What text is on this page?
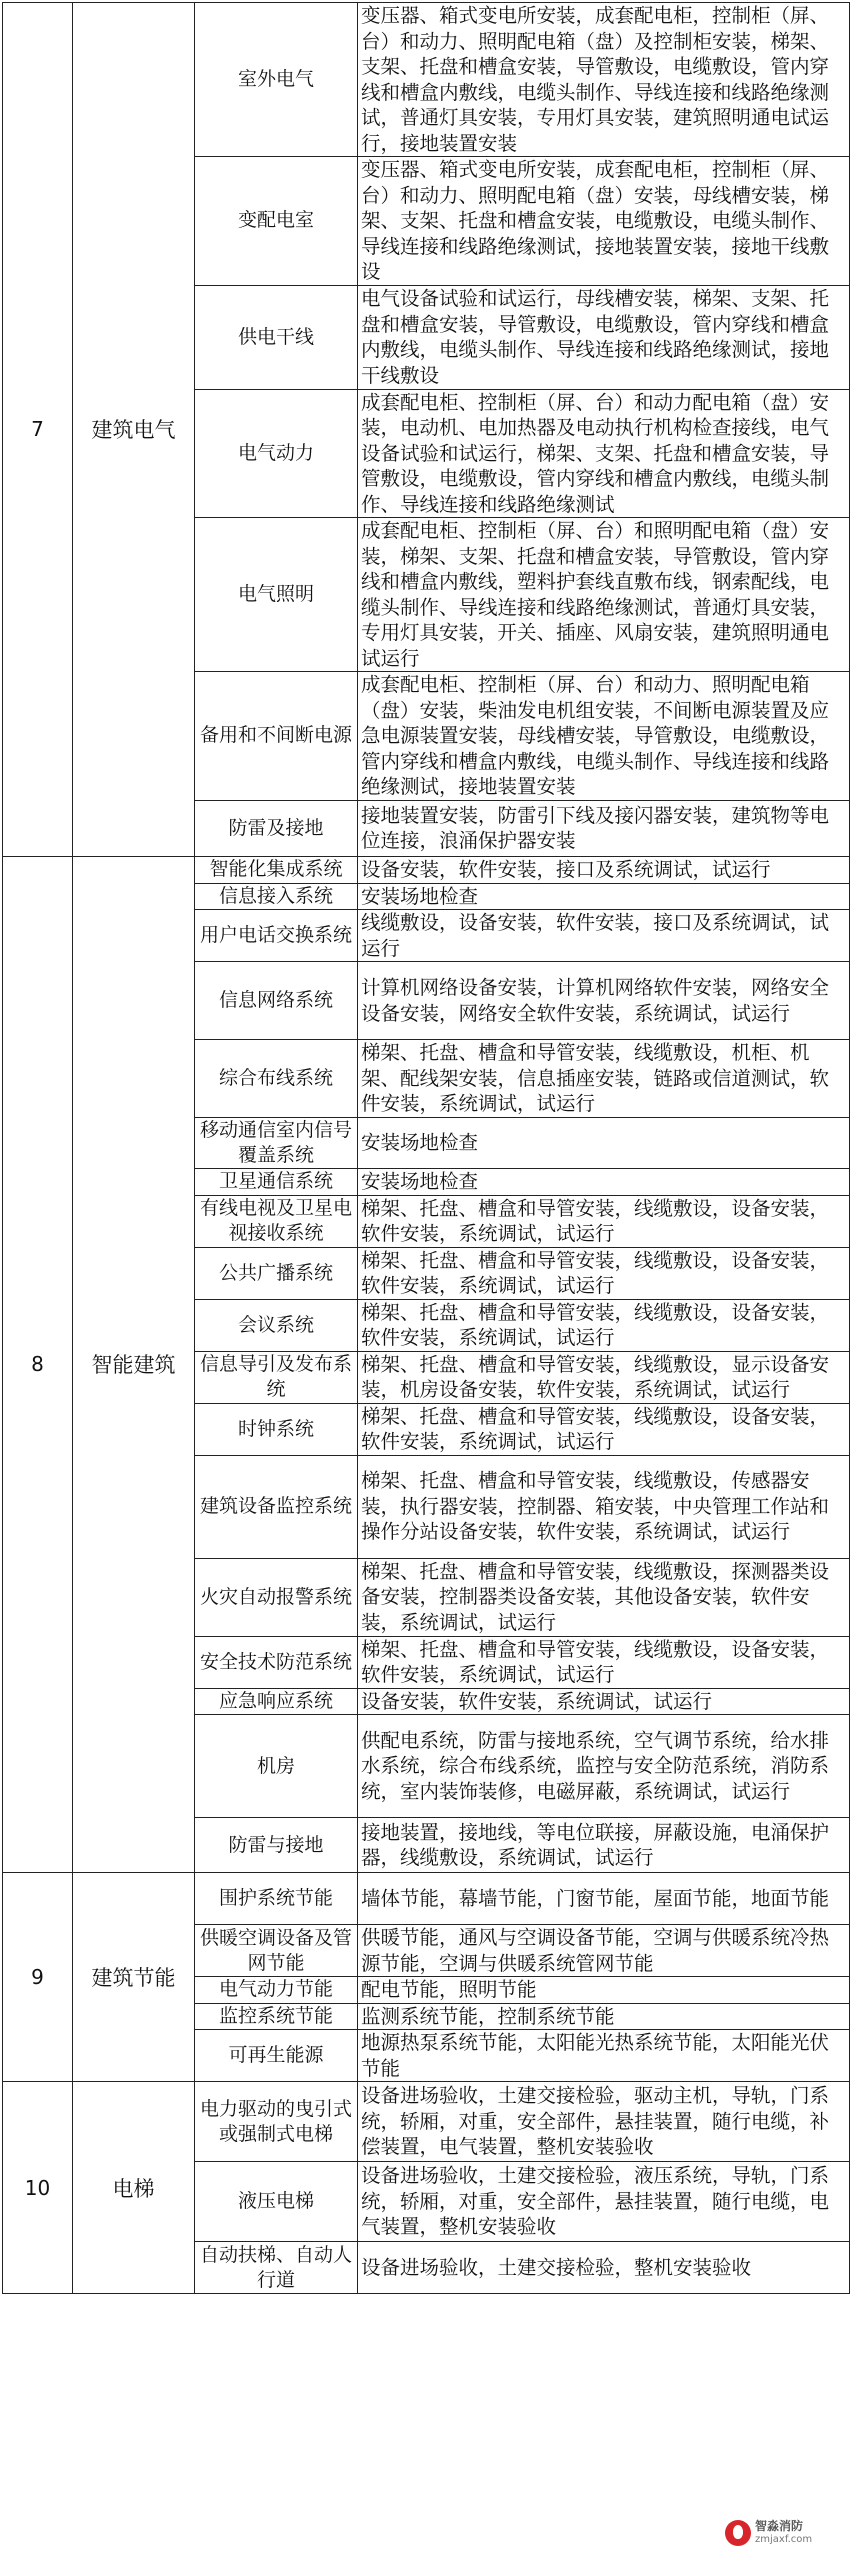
7	建筑电气	室外电气	变压器、箱式变电所安装，成套配电柜，控制柜（屏、台）和动力、照明配电箱（盘）及控制柜安装，梯架、支架、托盘和槽盒安装，导管敷设，电缆敷设，管内穿线和槽盒内敷线，电缆头制作、导线连接和线路绝缘测试，普通灯具安装，专用灯具安装，建筑照明通电试运行，接地装置安装
		变配电室	变压器、箱式变电所安装，成套配电柜，控制柜（屏、台）和动力、照明配电箱（盘）安装，母线槽安装，梯架、支架、托盘和槽盒安装，电缆敷设，电缆头制作、导线连接和线路绝缘测试，接地装置安装，接地干线敷设
		供电干线	电气设备试验和试运行，母线槽安装，梯架、支架、托盘和槽盒安装，导管敷设，电缆敷设，管内穿线和槽盒内敷线，电缆头制作、导线连接和线路绝缘测试，接地干线敷设
		电气动力	成套配电柜、控制柜（屏、台）和动力配电箱（盘）安装，电动机、电加热器及电动执行机构检查接线，电气设备试验和试运行，梯架、支架、托盘和槽盒安装，导管敷设，电缆敷设，管内穿线和槽盒内敷线，电缆头制作、导线连接和线路绝缘测试
		电气照明	成套配电柜、控制柜（屏、台）和照明配电箱（盘）安装，梯架、支架、托盘和槽盒安装，导管敷设，管内穿线和槽盒内敷线，塑料护套线直敷布线，钢索配线，电缆头制作、导线连接和线路绝缘测试，普通灯具安装，专用灯具安装，开关、插座、风扇安装，建筑照明通电试运行
		备用和不间断电源	成套配电柜、控制柜（屏、台）和动力、照明配电箱（盘）安装，柴油发电机组安装，不间断电源装置及应急电源装置安装，母线槽安装，导管敷设，电缆敷设，管内穿线和槽盒内敷线，电缆头制作、导线连接和线路绝缘测试，接地装置安装
		防雷及接地	接地装置安装，防雷引下线及接闪器安装，建筑物等电位连接，浪涌保护器安装
8	智能建筑	智能化集成系统	设备安装，软件安装，接口及系统调试，试运行
		信息接入系统	安装场地检查
		用户电话交换系统	线缆敷设，设备安装，软件安装，接口及系统调试，试运行
		信息网络系统	计算机网络设备安装，计算机网络软件安装，网络安全设备安装，网络安全软件安装，系统调试，试运行
		综合布线系统	梯架、托盘、槽盒和导管安装，线缆敷设，机柜、机架、配线架安装，信息插座安装，链路或信道测试，软件安装，系统调试，试运行
		移动通信室内信号覆盖系统	安装场地检查
		卫星通信系统	安装场地检查
		有线电视及卫星电视接收系统	梯架、托盘、槽盒和导管安装，线缆敷设，设备安装，软件安装，系统调试，试运行
		公共广播系统	梯架、托盘、槽盒和导管安装，线缆敷设，设备安装，软件安装，系统调试，试运行
		会议系统	梯架、托盘、槽盒和导管安装，线缆敷设，设备安装，软件安装，系统调试，试运行
		信息导引及发布系统	梯架、托盘、槽盒和导管安装，线缆敷设，显示设备安装，机房设备安装，软件安装，系统调试，试运行
		时钟系统	梯架、托盘、槽盒和导管安装，线缆敷设，设备安装，软件安装，系统调试，试运行
		建筑设备监控系统	梯架、托盘、槽盒和导管安装，线缆敷设，传感器安装，执行器安装，控制器、箱安装，中央管理工作站和操作分站设备安装，软件安装，系统调试，试运行
		火灾自动报警系统	梯架、托盘、槽盒和导管安装，线缆敷设，探测器类设备安装，控制器类设备安装，其他设备安装，软件安装，系统调试，试运行
		安全技术防范系统	梯架、托盘、槽盒和导管安装，线缆敷设，设备安装，软件安装，系统调试，试运行
		应急响应系统	设备安装，软件安装，系统调试，试运行
		机房	供配电系统，防雷与接地系统，空气调节系统，给水排水系统，综合布线系统，监控与安全防范系统，消防系统，室内装饰装修，电磁屏蔽，系统调试，试运行
		防雷与接地	接地装置，接地线，等电位联接，屏蔽设施，电涌保护器，线缆敷设，系统调试，试运行
9	建筑节能	围护系统节能	墙体节能，幕墙节能，门窗节能，屋面节能，地面节能
		供暖空调设备及管网节能	供暖节能，通风与空调设备节能，空调与供暖系统冷热源节能，空调与供暖系统管网节能
		电气动力节能	配电节能，照明节能
		监控系统节能	监测系统节能，控制系统节能
		可再生能源	地源热泵系统节能，太阳能光热系统节能，太阳能光伏节能
10	电梯	电力驱动的曳引式或强制式电梯	设备进场验收，土建交接检验，驱动主机，导轨，门系统，轿厢，对重，安全部件，悬挂装置，随行电缆，补偿装置，电气装置，整机安装验收
		液压电梯	设备进场验收，土建交接检验，液压系统，导轨，门系统，轿厢，对重，安全部件，悬挂装置，随行电缆，电气装置，整机安装验收
		自动扶梯、自动人行道	设备进场验收，土建交接检验，整机安装验收
智淼消防
zmjaxf.com
